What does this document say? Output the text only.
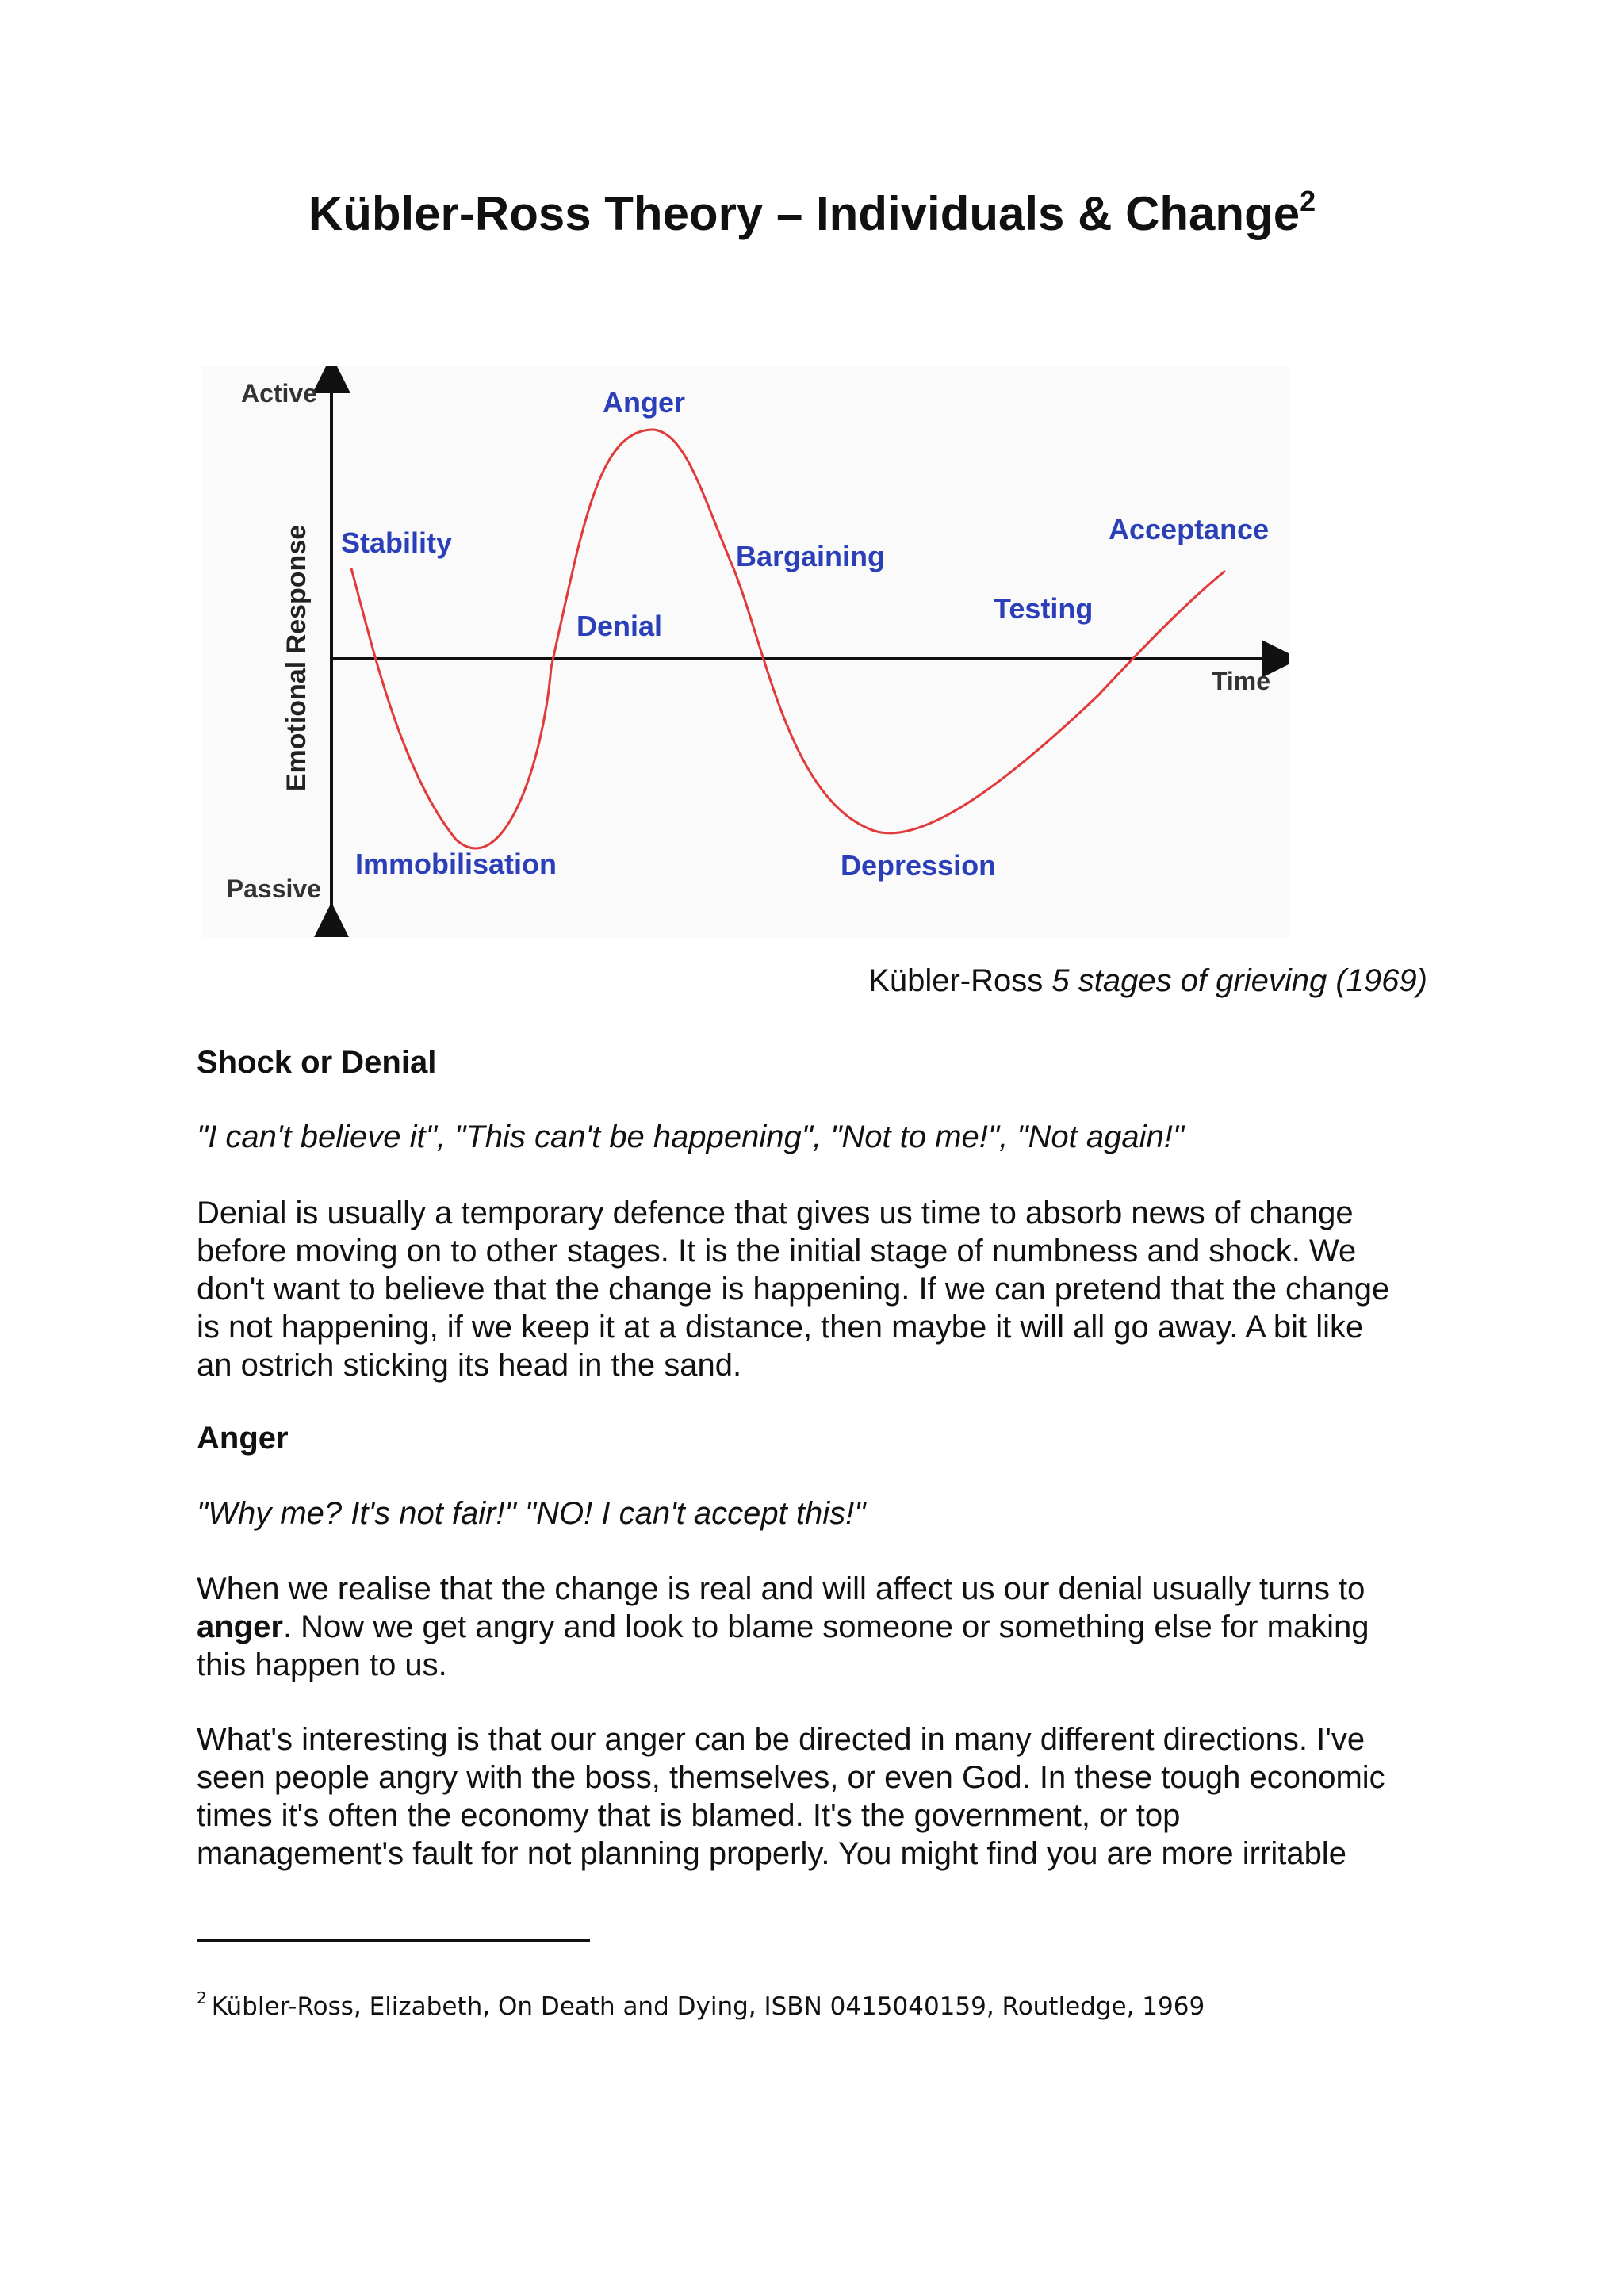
Kübler-Ross Theory – Individuals & Change$^2$
Active
Passive
Emotional Response	Time
Stability
Immobilisation
Denial
Anger
Bargaining
Depression
Testing
Acceptance

Kübler-Ross 5 stages of grieving (1969)

Shock or Denial

"I can't believe it", "This can't be happening", "Not to me!", "Not again!"

Denial is usually a temporary defence that gives us time to absorb news of change
before moving on to other stages. It is the initial stage of numbness and shock. We
don't want to believe that the change is happening. If we can pretend that the change
is not happening, if we keep it at a distance, then maybe it will all go away. A bit like
an ostrich sticking its head in the sand.
Anger

"Why me? It's not fair!" "NO! I can't accept this!"

When we realise that the change is real and will affect us our denial usually turns to
anger. Now we get angry and look to blame someone or something else for making
this happen to us.
What's interesting is that our anger can be directed in many different directions. I've
seen people angry with the boss, themselves, or even God. In these tough economic
times it's often the economy that is blamed. It's the government, or top
management's fault for not planning properly. You might find you are more irritable

$^2$ Kübler-Ross, Elizabeth, On Death and Dying, ISBN 0415040159, Routledge, 1969
